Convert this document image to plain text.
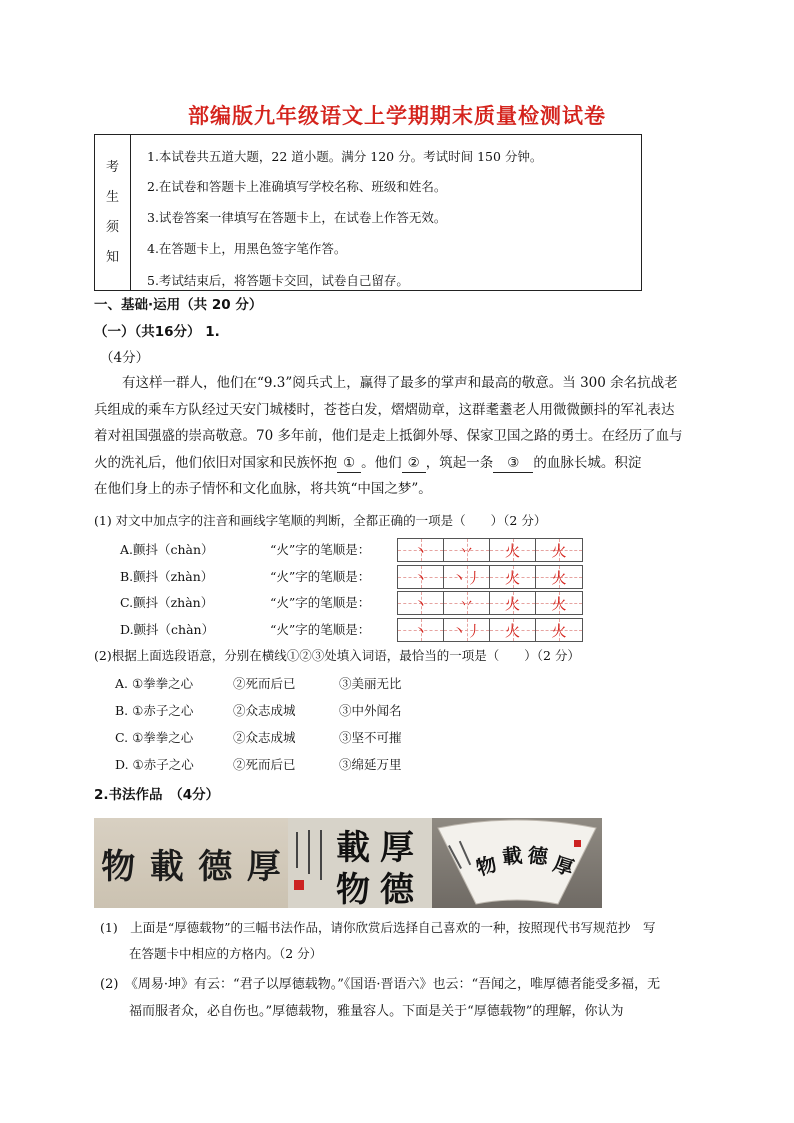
部编版九年级语文上学期期末质量检测试卷
考
生
须
知
1.本试卷共五道大题，22 道小题。满分 120 分。考试时间 150 分钟。
2.在试卷和答题卡上准确填写学校名称、班级和姓名。
3.试卷答案一律填写在答题卡上，在试卷上作答无效。
4.在答题卡上，用黑色签字笔作答。
5.考试结束后，将答题卡交回，试卷自己留存。
一、基础·运用（共 20 分）
（一）（共16分） 1.
（4分）
有这样一群人，他们在“9.3”阅兵式上，赢得了最多的掌声和最高的敬意。当 300 余名抗战老
兵组成的乘车方队经过天安门城楼时，苍苍白发，熠熠勋章，这群耄耋老人用微微颤抖的军礼表达
着对祖国强盛的崇高敬意。70 多年前，他们是走上抵御外辱、保家卫国之路的勇士。在经历了血与
火的洗礼后，他们依旧对国家和民族怀抱 ① 。他们 ② ，筑起一条 ③ 的血脉长城。积淀
在他们身上的赤子情怀和文化血脉，将共筑“中国之梦”。
(1) 对文中加点字的注音和画线字笔顺的判断，全都正确的一项是（　　）（2 分）
A.颤抖（chàn）	“火”字的笔顺是：	丶 丷 火 火
B.颤抖（zhàn）	“火”字的笔顺是：	丶 丶丿 火 火
C.颤抖（zhàn）	“火”字的笔顺是：	丶 丷 火 火
D.颤抖（chàn）	“火”字的笔顺是：	丶 丶丿 火 火
(2)根据上面选段语意，分别在横线①②③处填入词语，最恰当的一项是（　　）（2 分）
A. ①拳拳之心	②死而后已	③美丽无比
B. ①赤子之心	②众志成城	③中外闻名
C. ①拳拳之心	②众志成城	③坚不可摧
D. ①赤子之心	②死而后已	③绵延万里
2.书法作品　（4分）
物 載 德 厚 載 厚
物 德
物 載 德 厚
(1)　上面是“厚德载物”的三幅书法作品，请你欣赏后选择自己喜欢的一种，按照现代书写规范抄　写
在答题卡中相应的方格内。（2 分）
(2)　《周易·坤》有云：“君子以厚德载物。”《国语·晋语六》也云：“吾闻之，唯厚德者能受多福，无
福而服者众，必自伤也。”厚德载物，雅量容人。下面是关于“厚德载物”的理解，你认为
